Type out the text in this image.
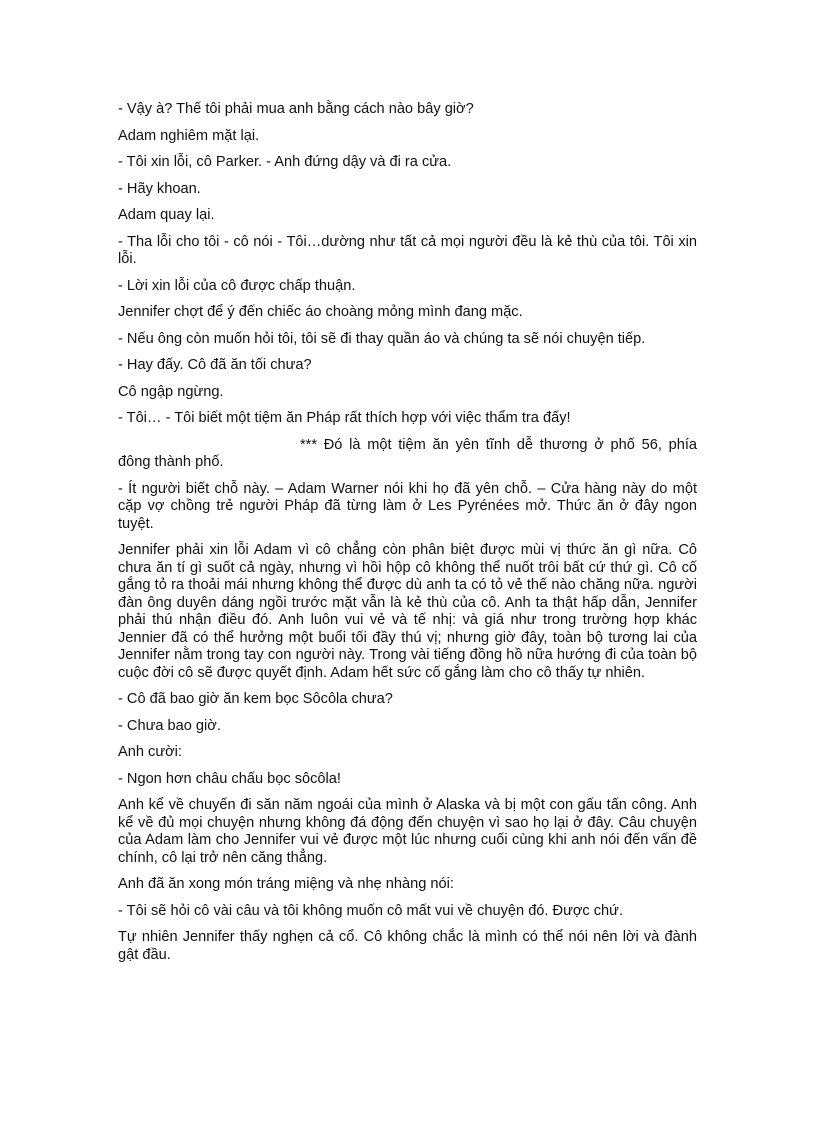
- Vậy à? Thế tôi phải mua anh bằng cách nào bây giờ?

Adam nghiêm mặt lại.

- Tôi xin lỗi, cô Parker. - Anh đứng dậy và đi ra cửa.

- Hãy khoan.

Adam quay lại.

- Tha lỗi cho tôi - cô nói - Tôi…dường như tất cả mọi người đều là kẻ thù của tôi. Tôi xin lỗi.

- Lời xin lỗi của cô được chấp thuận.

Jennifer chợt để ý đến chiếc áo choàng mỏng mình đang mặc.

- Nếu ông còn muốn hỏi tôi, tôi sẽ đi thay quần áo và chúng ta sẽ nói chuyện tiếp.

- Hay đấy. Cô đã ăn tối chưa?

Cô ngập ngừng.

- Tôi… - Tôi biết một tiệm ăn Pháp rất thích hợp với việc thẩm tra đấy!

*** Đó là một tiệm ăn yên tĩnh dễ thương ở phố 56, phía đông thành phố.

- Ít người biết chỗ này. – Adam Warner nói khi họ đã yên chỗ. – Cửa hàng này do một cặp vợ chồng trẻ người Pháp đã từng làm ở Les Pyrénées mở. Thức ăn ở đây ngon tuyệt.

Jennifer phải xin lỗi Adam vì cô chẳng còn phân biệt được mùi vị thức ăn gì nữa. Cô chưa ăn tí gì suốt cả ngày, nhưng vì hồi hộp cô không thể nuốt trôi bất cứ thứ gì. Cô cố gắng tỏ ra thoải mái nhưng không thể được dù anh ta có tỏ vẻ thế nào chăng nữa. người đàn ông duyên dáng ngồi trước mặt vẫn là kẻ thù của cô. Anh ta thật hấp dẫn, Jennifer phải thú nhận điều đó. Anh luôn vui vẻ và tế nhị: và giá như trong trường hợp khác Jennier đã có thể hưởng một buổi tối đầy thú vị; nhưng giờ đây, toàn bộ tương lai của Jennifer nằm trong tay con người này. Trong vài tiếng đồng hồ nữa hướng đi của toàn bộ cuộc đời cô sẽ được quyết định. Adam hết sức cố gắng làm cho cô thấy tự nhiên.

- Cô đã bao giờ ăn kem bọc Sôcôla chưa?

- Chưa bao giờ.

Anh cười:

- Ngon hơn châu chấu bọc sôcôla!

Anh kể về chuyến đi săn năm ngoái của mình ở Alaska và bị một con gấu tấn công. Anh kể về đủ mọi chuyện nhưng không đá động đến chuyện vì sao họ lại ở đây. Câu chuyện của Adam làm cho Jennifer vui vẻ được một lúc nhưng cuối cùng khi anh nói đến vấn đề chính, cô lại trở nên căng thẳng.

Anh đã ăn xong món tráng miệng và nhẹ nhàng nói:

- Tôi sẽ hỏi cô vài câu và tôi không muốn cô mất vui về chuyện đó. Được chứ.

Tự nhiên Jennifer thấy nghẹn cả cổ. Cô không chắc là mình có thể nói nên lời và đành gật đầu.
